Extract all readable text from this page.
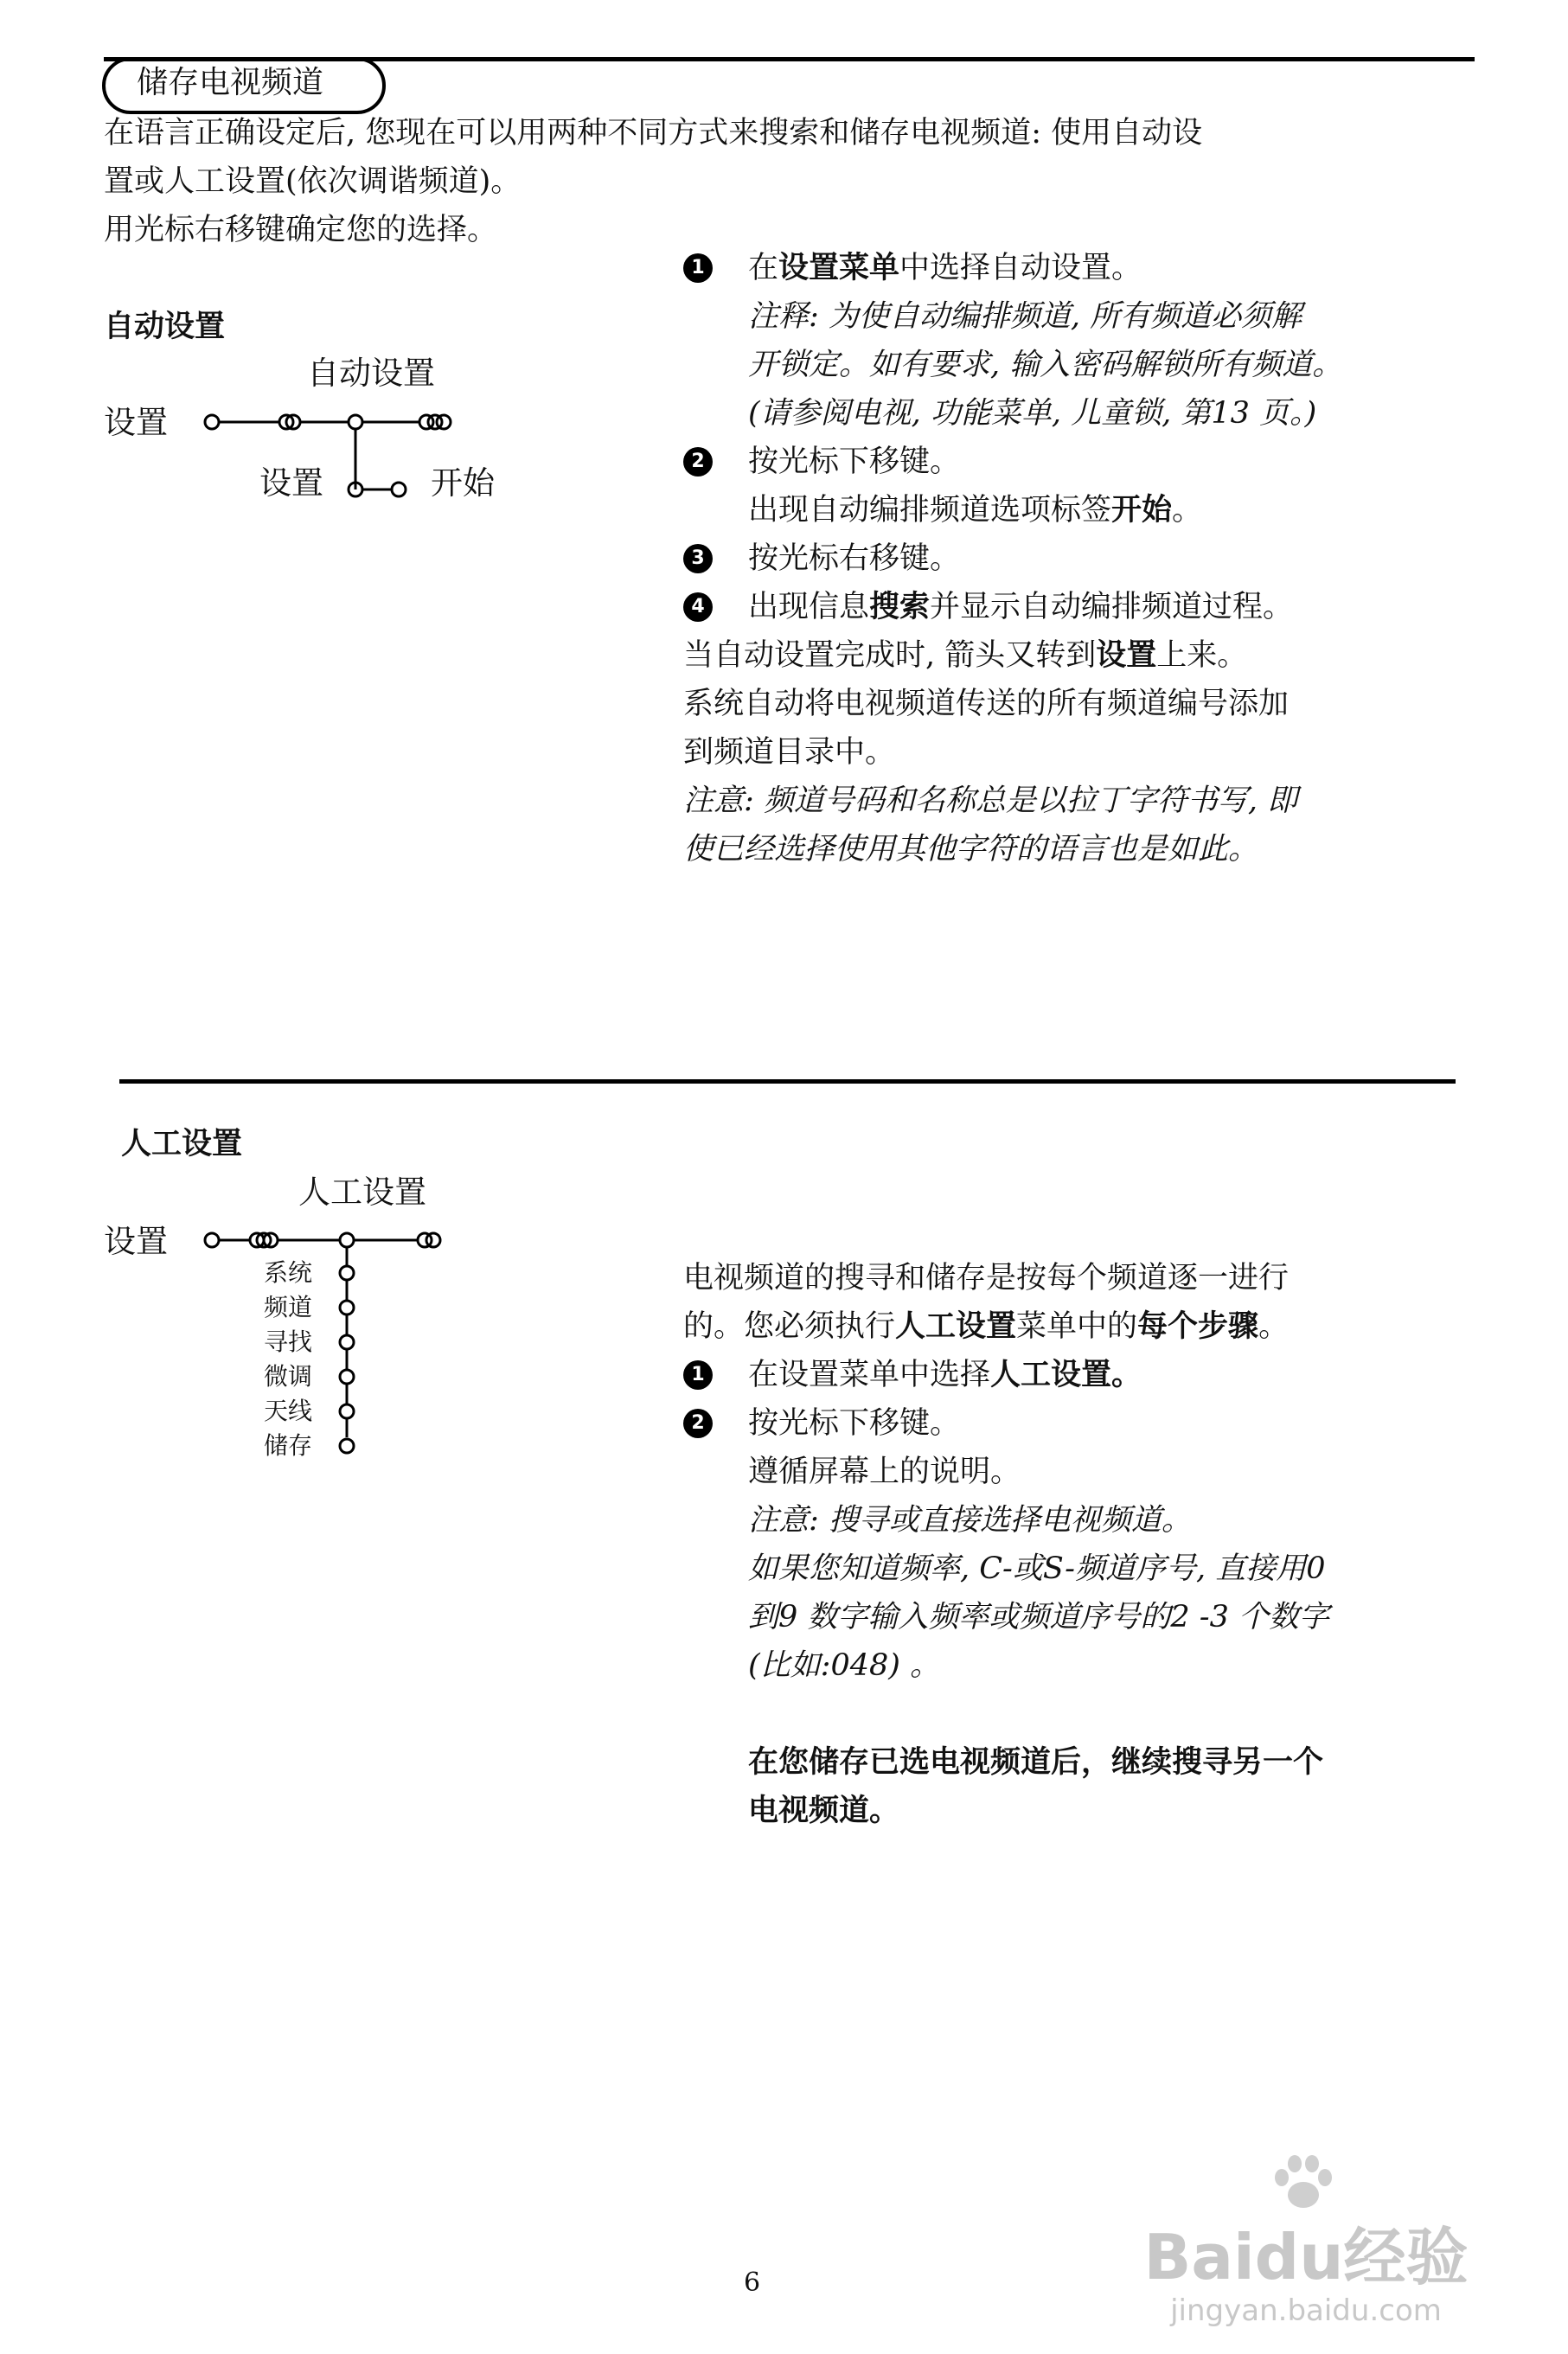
储存电视频道
在语言正确设定后, 您现在可以用两种不同方式来搜索和储存电视频道: 使用自动设
置或人工设置(依次调谐频道)。
用光标右移键确定您的选择。
自动设置
自动设置
设置
设置	开始
1 在设置菜单中选择自动设置。
注释: 为使自动编排频道, 所有频道必须解
开锁定。如有要求, 输入密码解锁所有频道。
(请参阅电视, 功能菜单, 儿童锁, 第13 页。)
2 按光标下移键。
出现自动编排频道选项标签开始。
3 按光标右移键。
4 出现信息搜索并显示自动编排频道过程。
当自动设置完成时, 箭头又转到设置上来。
系统自动将电视频道传送的所有频道编号添加
到频道目录中。
注意: 频道号码和名称总是以拉丁字符书写, 即
使已经选择使用其他字符的语言也是如此。
人工设置
人工设置
设置
系统
频道
寻找
微调
天线
储存
电视频道的搜寻和储存是按每个频道逐一进行
的。您必须执行人工设置菜单中的每个步骤。
1 在设置菜单中选择人工设置。
2 按光标下移键。
遵循屏幕上的说明。
注意: 搜寻或直接选择电视频道。
如果您知道频率, C-或S-频道序号, 直接用0
到9 数字输入频率或频道序号的2 -3 个数字
(比如:048) 。
在您储存已选电视频道后，继续搜寻另一个
电视频道。
6	Baidu经验
jingyan.baidu.com
